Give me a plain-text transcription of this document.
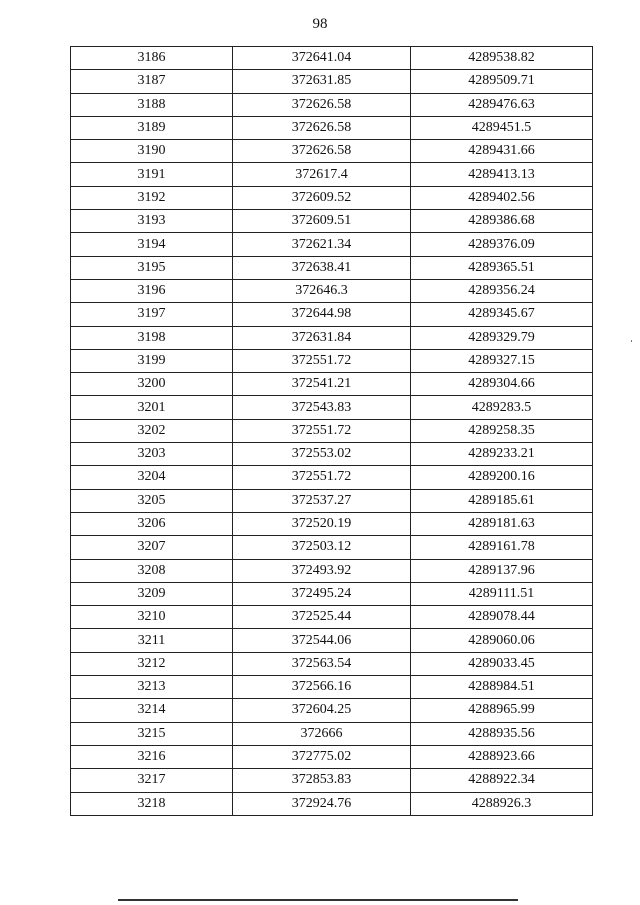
98
3186	372641.04	4289538.82
3187	372631.85	4289509.71
3188	372626.58	4289476.63
3189	372626.58	4289451.5
3190	372626.58	4289431.66
3191	372617.4	4289413.13
3192	372609.52	4289402.56
3193	372609.51	4289386.68
3194	372621.34	4289376.09
3195	372638.41	4289365.51
3196	372646.3	4289356.24
3197	372644.98	4289345.67
3198	372631.84	4289329.79
3199	372551.72	4289327.15
3200	372541.21	4289304.66
3201	372543.83	4289283.5
3202	372551.72	4289258.35
3203	372553.02	4289233.21
3204	372551.72	4289200.16
3205	372537.27	4289185.61
3206	372520.19	4289181.63
3207	372503.12	4289161.78
3208	372493.92	4289137.96
3209	372495.24	4289111.51
3210	372525.44	4289078.44
3211	372544.06	4289060.06
3212	372563.54	4289033.45
3213	372566.16	4288984.51
3214	372604.25	4288965.99
3215	372666	4288935.56
3216	372775.02	4288923.66
3217	372853.83	4288922.34
3218	372924.76	4288926.3
